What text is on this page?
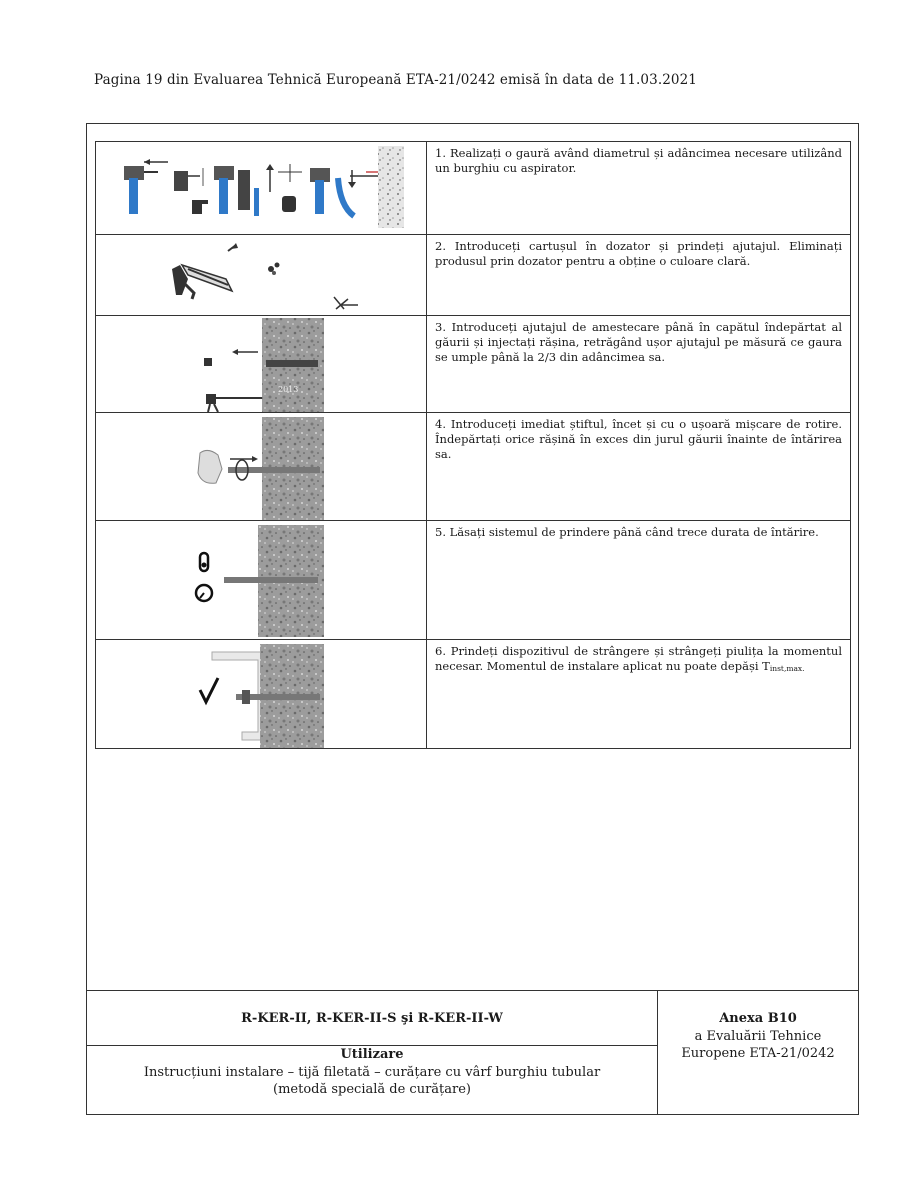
Pagina 19 din Evaluarea Tehnică Europeană ETA-21/0242 emisă în data de 11.03.2021
	1. Realizați o gaură având diametrul și adâncimea necesare utilizând un burghiu cu aspirator.

	2. Introduceți cartușul în dozator și prindeți ajutajul. Eliminați produsul prin dozator pentru a obține o culoare clară.

2013	3. Introduceți ajutajul de amestecare până în capătul îndepărtat al găurii și injectați rășina, retrăgând ușor ajutajul pe măsură ce gaura se umple până la 2/3 din adâncimea sa.

	4. Introduceți imediat știftul, încet și cu o ușoară mișcare de rotire. Îndepărtați orice rășină în exces din jurul găurii înainte de întărirea sa.

	5. Lăsați sistemul de prindere până când trece durata de întărire.

	6. Prindeți dispozitivul de strângere și strângeți piulița la momentul necesar. Momentul de instalare aplicat nu poate depăși $T_{inst,max.}$
R-KER-II, R-KER-II-S şi R-KER-II-W
Utilizare
Instrucțiuni instalare – tijă filetată – curățare cu vârf burghiu tubular
(metodă specială de curățare)
Anexa B10
a Evaluării Tehnice
Europene ETA-21/0242
